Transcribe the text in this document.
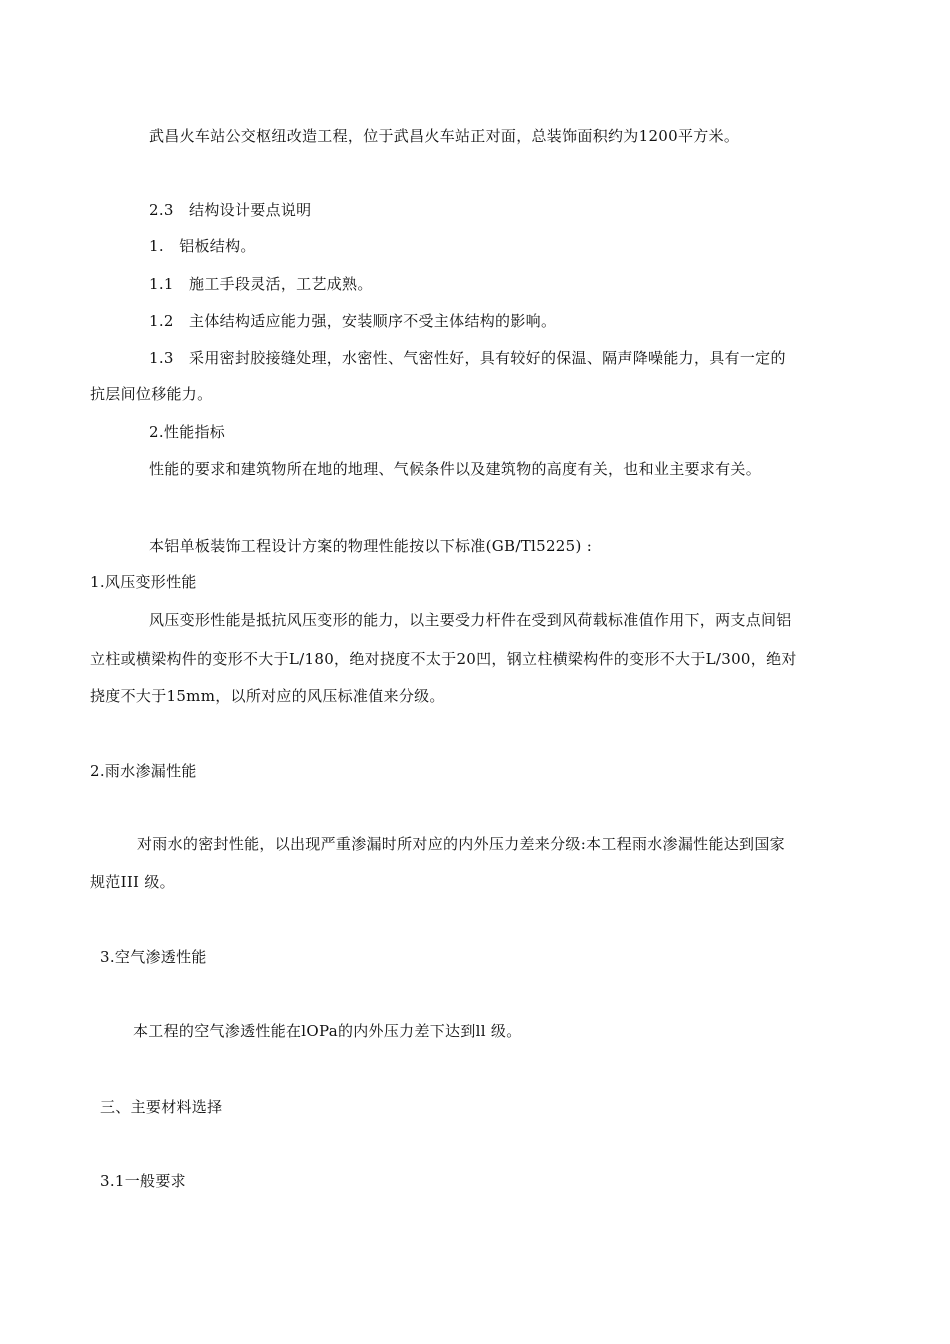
武昌火车站公交枢纽改造工程，位于武昌火车站正对面，总装饰面积约为1200平方米。
2.3　结构设计要点说明
1.　铝板结构。
1.1　施工手段灵活，工艺成熟。
1.2　主体结构适应能力强，安装顺序不受主体结构的影响。
1.3　采用密封胶接缝处理，水密性、气密性好，具有较好的保温、隔声降噪能力，具有一定的
抗层间位移能力。
2.性能指标
性能的要求和建筑物所在地的地理、气候条件以及建筑物的高度有关，也和业主要求有关。
本铝单板装饰工程设计方案的物理性能按以下标准(GB/Tl5225) :
1.风压变形性能
风压变形性能是抵抗风压变形的能力，以主要受力杆件在受到风荷载标准值作用下，两支点间铝
立柱或横梁构件的变形不大于L/180，绝对挠度不太于20凹，钢立柱横梁构件的变形不大于L/300，绝对
挠度不大于15mm，以所对应的风压标准值来分级。
2.雨水渗漏性能
对雨水的密封性能，以出现严重渗漏时所对应的内外压力差来分级:本工程雨水渗漏性能达到国家
规范III 级。
3.空气渗透性能
本工程的空气渗透性能在lOPa的内外压力差下达到ll 级。
三、主要材料选择
3.1一般要求
